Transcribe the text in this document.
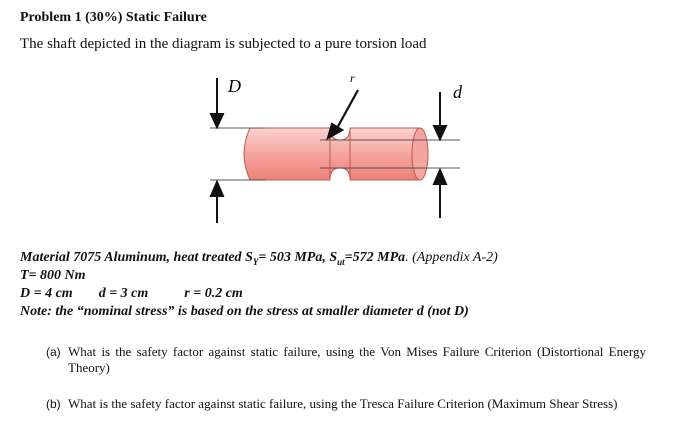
Problem 1 (30%) Static Failure
The shaft depicted in the diagram is subjected to a pure torsion load
D	d
r
Material 7075 Aluminum, heat treated $S_Y= 503$ MPa, $S_{ut}=572$ MPa. (Appendix A-2)
T= 800 Nm
D = 4 cm d = 3 cm	r = 0.2 cm
Note: the “nominal stress” is based on the stress at smaller diameter d (not D)
(a) What is the safety factor against static failure, using the Von Mises Failure Criterion (Distortional Energy Theory)
(b) What is the safety factor against static failure, using the Tresca Failure Criterion (Maximum Shear Stress)
